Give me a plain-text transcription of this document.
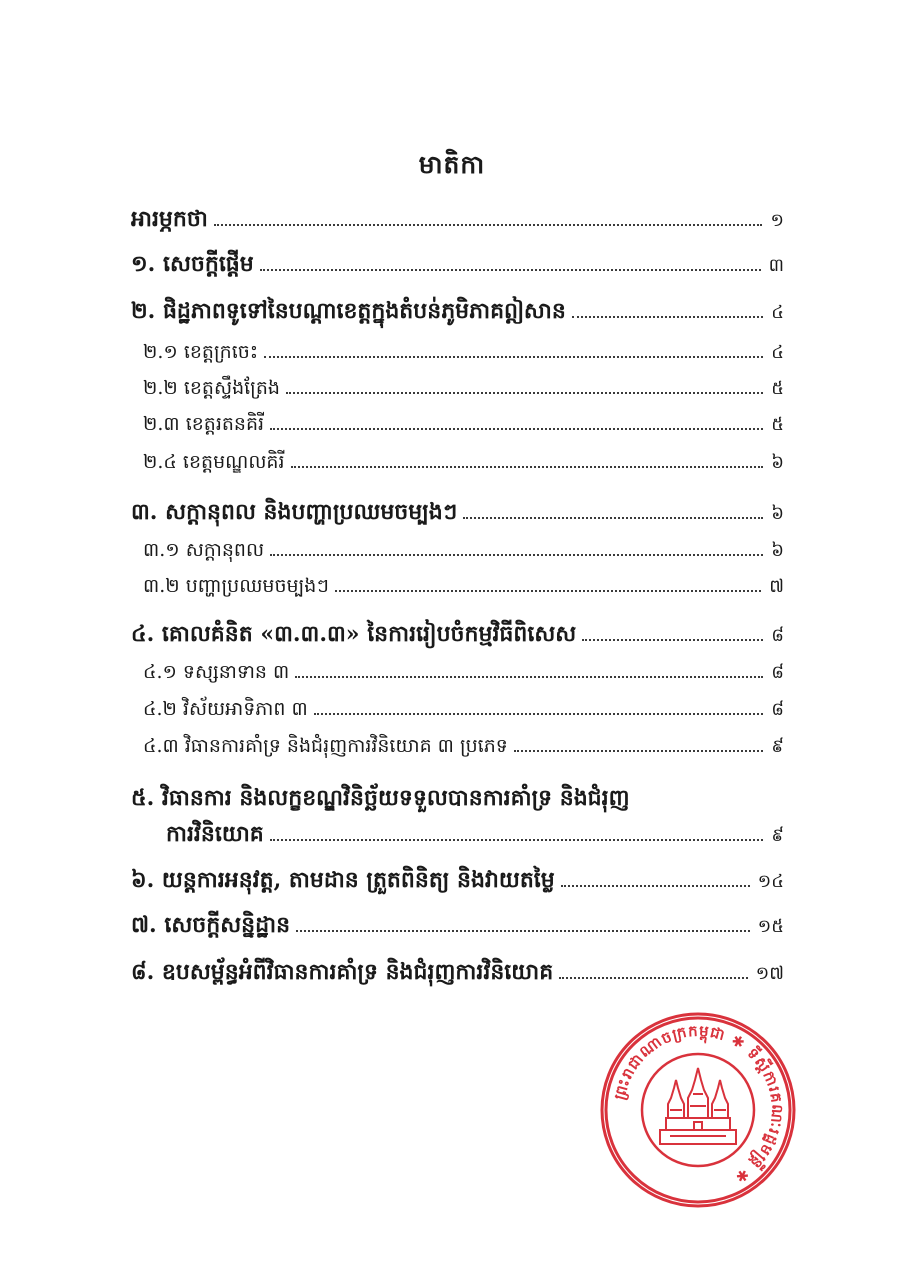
មាតិកា
អារម្ភកថា	១
១. សេចក្តីផ្តើម	៣
២. ផិដ្ឋភាពទូទៅនៃបណ្តាខេត្តក្នុងតំបន់ភូមិភាគឦសាន	៤
២.១ ខេត្តក្រចេះ	៤
២.២ ខេត្តស្ទឹងត្រែង	៥
២.៣ ខេត្តរតនគិរី	៥
២.៤ ខេត្តមណ្ឌលគិរី	៦
៣. សក្តានុពល និងបញ្ហាប្រឈមចម្បងៗ	៦
៣.១ សក្តានុពល	៦
៣.២ បញ្ហាប្រឈមចម្បងៗ	៧
៤. គោលគំនិត «៣.៣.៣» នៃការរៀបចំកម្មវិធីពិសេស	៨
៤.១ ទស្សនាទាន ៣	៨
៤.២ វិស័យអាទិភាព ៣	៨
៤.៣ វិធានការគាំទ្រ និងជំរុញការវិនិយោគ ៣ ប្រភេទ	៩
៥. វិធានការ និងលក្ខខណ្ឌវិនិច្ឆ័យទទួលបានការគាំទ្រ និងជំរុញ
ការវិនិយោគ	៩
៦. យន្តការអនុវត្ត, តាមដាន ត្រួតពិនិត្យ និងវាយតម្លៃ	១៤
៧. សេចក្តីសន្និដ្ឋាន	១៥
៨. ឧបសម្ព័ន្ធអំពីវិធានការគាំទ្រ និងជំរុញការវិនិយោគ	១៧
ព្រះរាជាណាចក្រកម្ពុជា ✱ ទីស្តីការគណៈរដ្ឋមន្ត្រី ✱
